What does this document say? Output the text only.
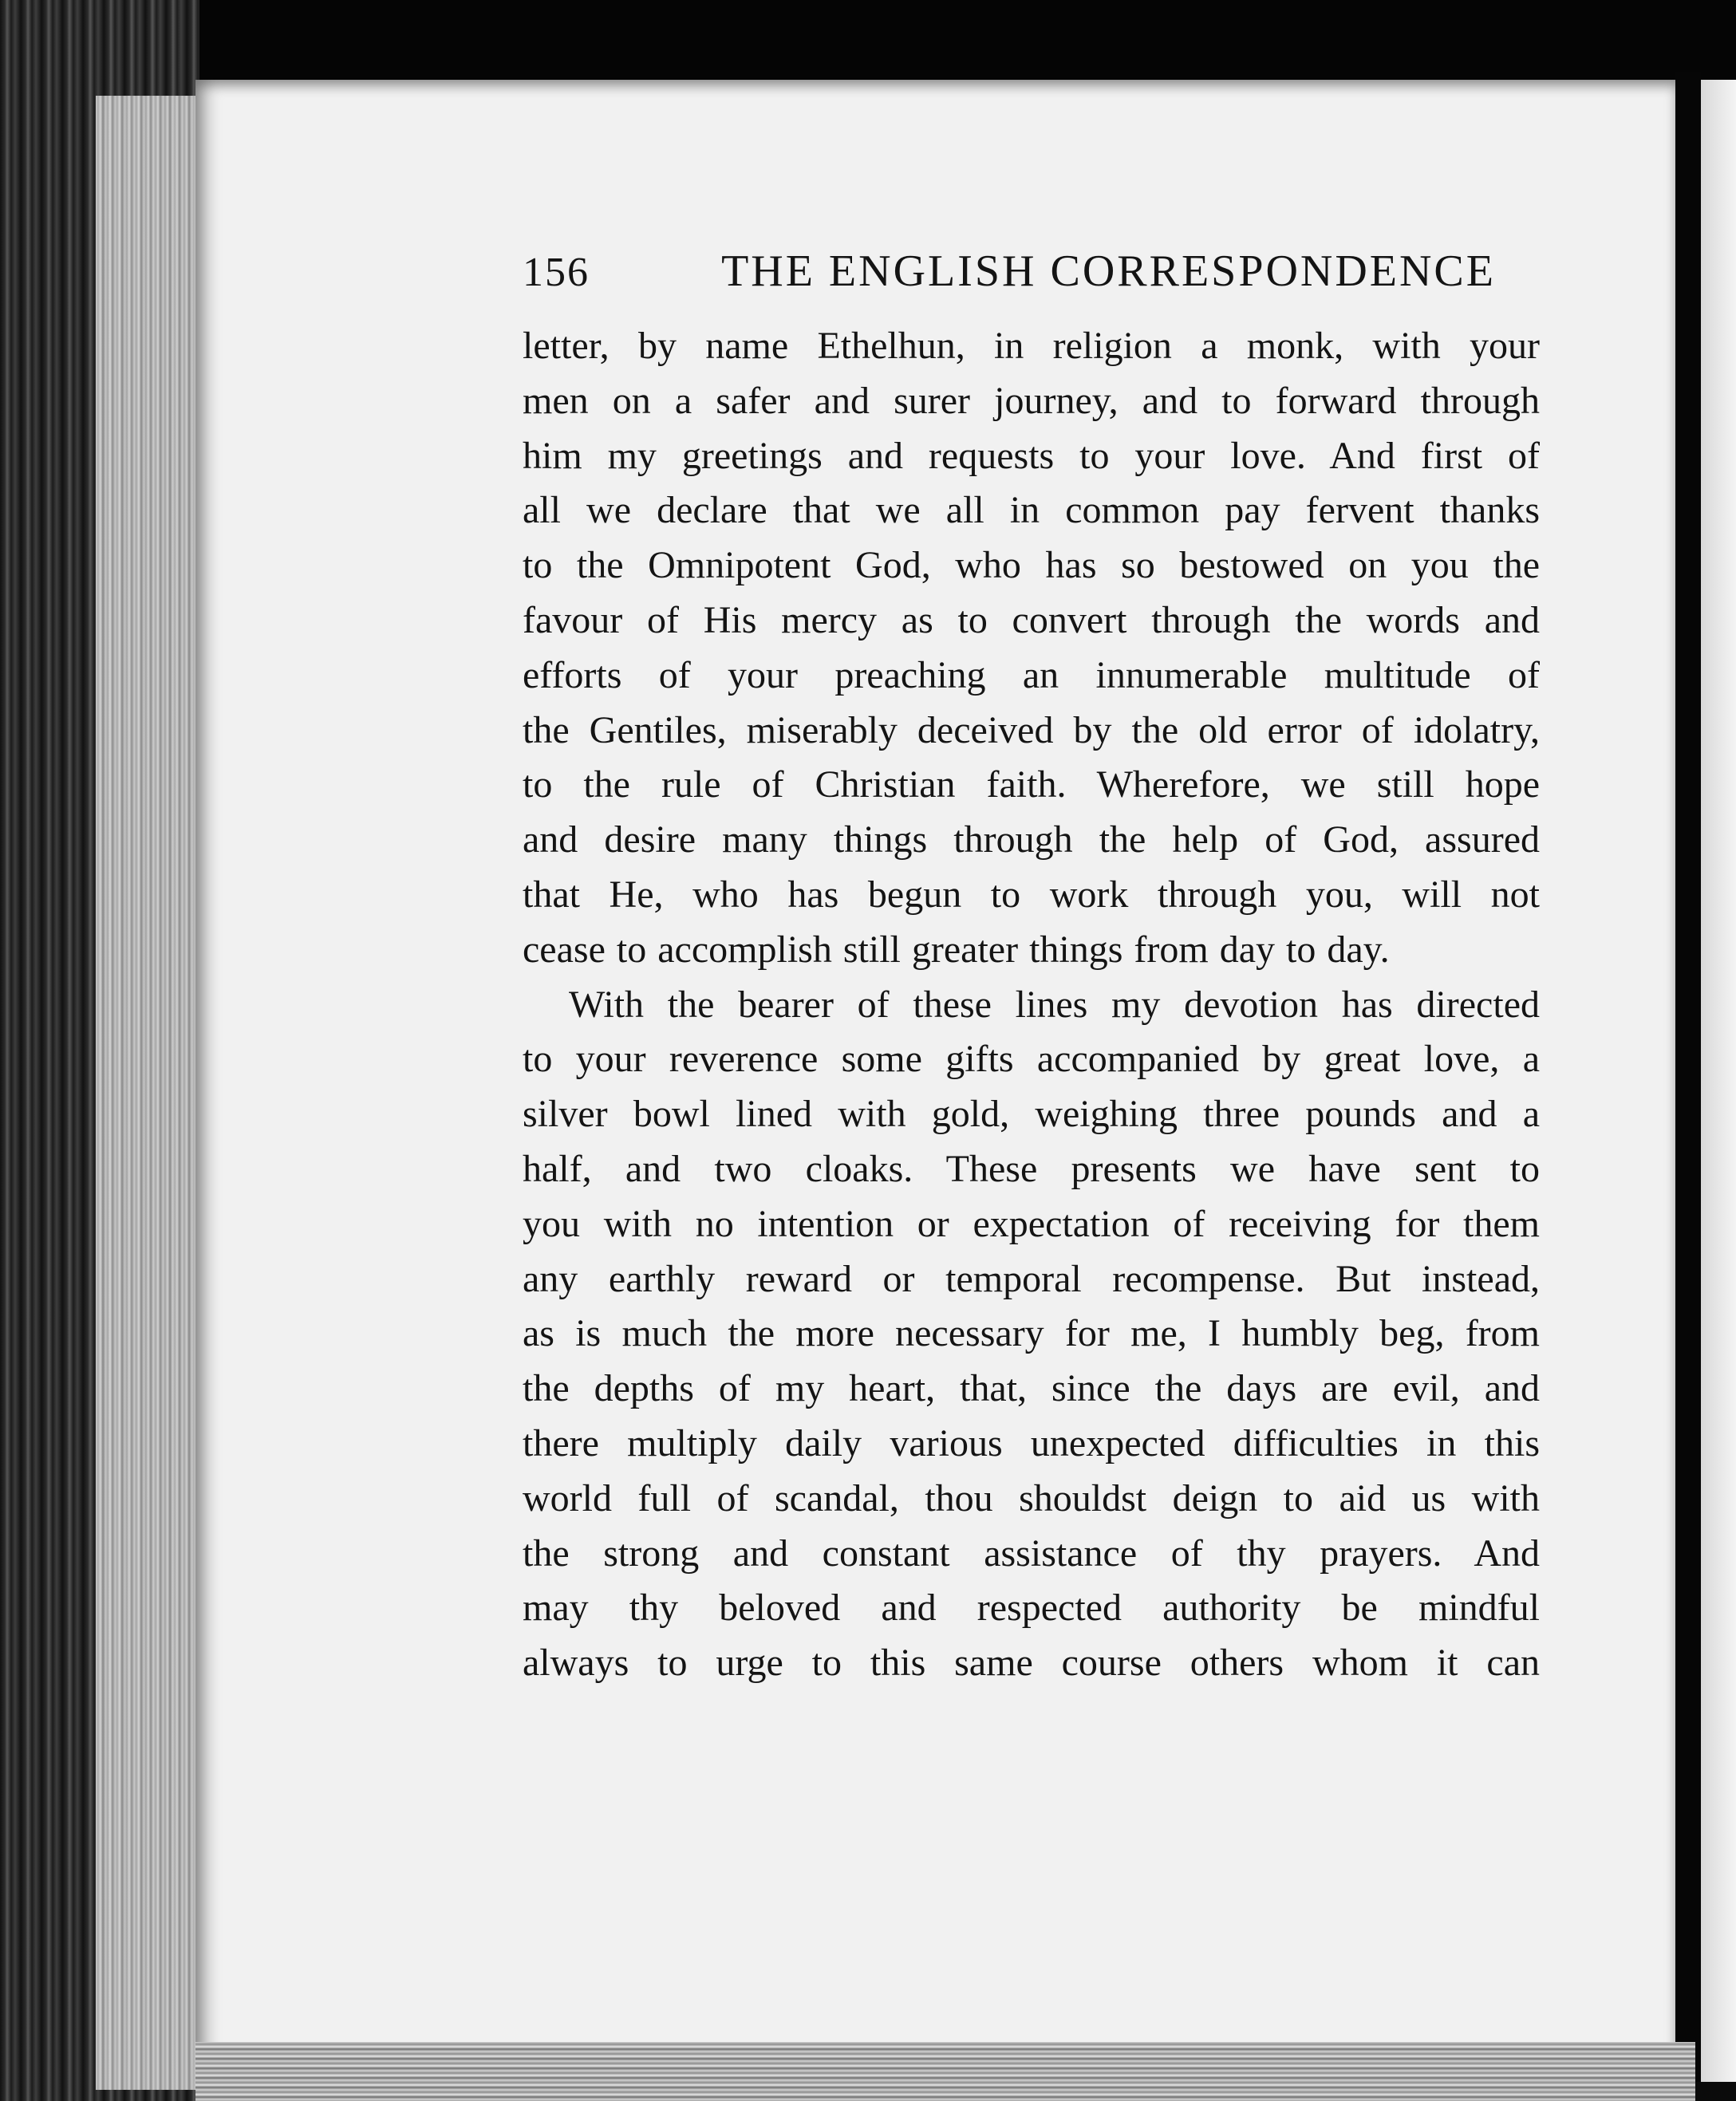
156	THE ENGLISH CORRESPONDENCE

letter, by name Ethelhun, in religion a monk, with your
men on a safer and surer journey, and to forward through
him my greetings and requests to your love. And first of
all we declare that we all in common pay fervent thanks
to the Omnipotent God, who has so bestowed on you the
favour of His mercy as to convert through the words and
efforts of your preaching an innumerable multitude of
the Gentiles, miserably deceived by the old error of idolatry,
to the rule of Christian faith. Wherefore, we still hope
and desire many things through the help of God, assured
that He, who has begun to work through you, will not
cease to accomplish still greater things from day to day.

With the bearer of these lines my devotion has directed
to your reverence some gifts accompanied by great love, a
silver bowl lined with gold, weighing three pounds and a
half, and two cloaks. These presents we have sent to
you with no intention or expectation of receiving for them
any earthly reward or temporal recompense. But instead,
as is much the more necessary for me, I humbly beg, from
the depths of my heart, that, since the days are evil, and
there multiply daily various unexpected difficulties in this
world full of scandal, thou shouldst deign to aid us with
the strong and constant assistance of thy prayers. And
may thy beloved and respected authority be mindful
always to urge to this same course others whom it can
